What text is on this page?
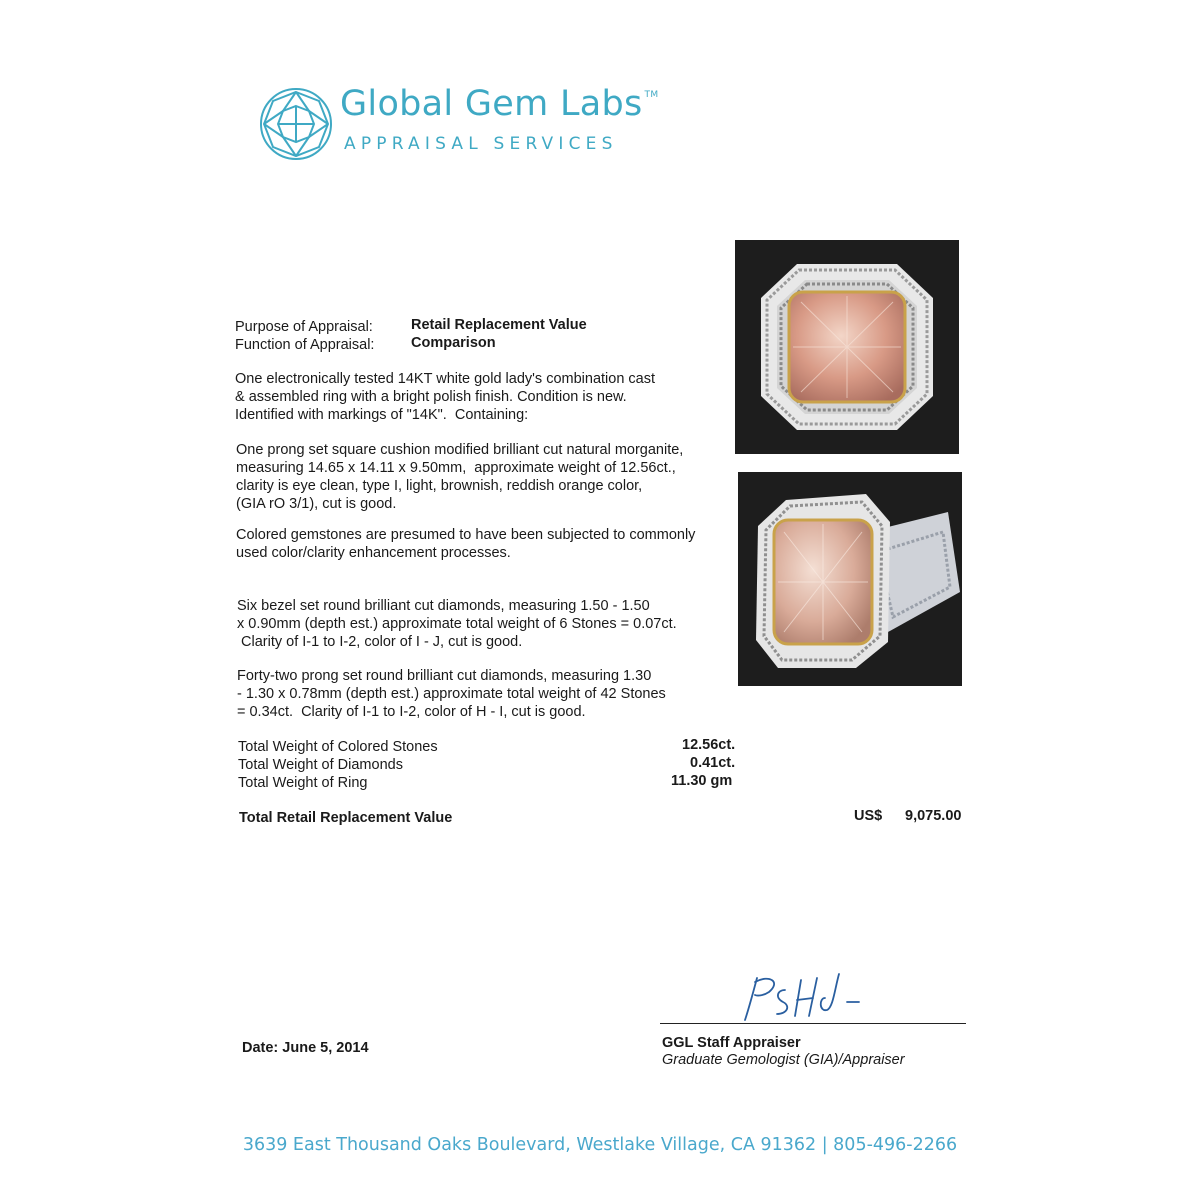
Global Gem Labs ™
APPRAISAL SERVICES
Purpose of Appraisal:	Retail Replacement Value
Function of Appraisal:	Comparison
One electronically tested 14KT white gold lady's combination cast
& assembled ring with a bright polish finish. Condition is new.
Identified with markings of "14K".  Containing:
One prong set square cushion modified brilliant cut natural morganite,
measuring 14.65 x 14.11 x 9.50mm,  approximate weight of 12.56ct.,
clarity is eye clean, type I, light, brownish, reddish orange color,
(GIA rO 3/1), cut is good.
Colored gemstones are presumed to have been subjected to commonly
used color/clarity enhancement processes.
Six bezel set round brilliant cut diamonds, measuring 1.50 - 1.50
x 0.90mm (depth est.) approximate total weight of 6 Stones = 0.07ct.
Clarity of I-1 to I-2, color of I - J, cut is good.
Forty-two prong set round brilliant cut diamonds, measuring 1.30
- 1.30 x 0.78mm (depth est.) approximate total weight of 42 Stones
= 0.34ct.  Clarity of I-1 to I-2, color of H - I, cut is good.
Total Weight of Colored Stones	12.56ct.
Total Weight of Diamonds	0.41ct.
Total Weight of Ring	11.30 gm
Total Retail Replacement Value	US$ 9,075.00
Date: June 5, 2014	GGL Staff Appraiser
Graduate Gemologist (GIA)/Appraiser
3639 East Thousand Oaks Boulevard, Westlake Village, CA 91362 | 805-496-2266
